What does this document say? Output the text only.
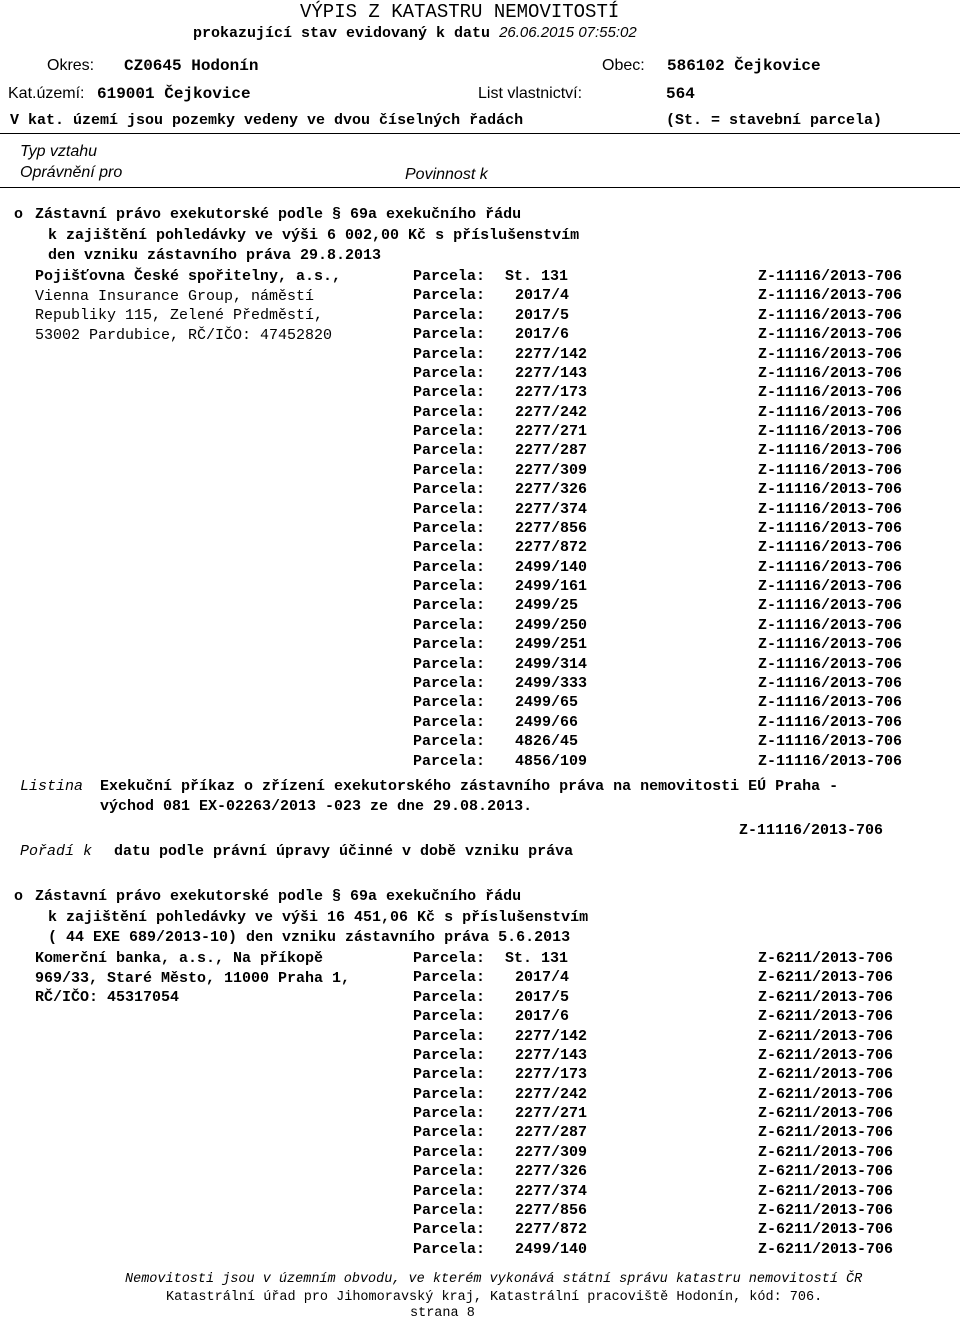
VÝPIS Z KATASTRU NEMOVITOSTÍ
prokazující stav evidovaný k datu 26.06.2015 07:55:02
Okres: CZ0645 Hodonín	Obec: 586102 Čejkovice
Kat.území: 619001 Čejkovice	List vlastnictví:	564
V kat. území jsou pozemky vedeny ve dvou číselných řadách	(St. = stavební parcela)
Typ vztahu
Oprávnění pro	Povinnost k
o Zástavní právo exekutorské podle § 69a exekučního řádu
k zajištění pohledávky ve výši 6 002,00 Kč s příslušenstvím
den vzniku zástavního práva 29.8.2013
Pojišťovna České spořitelny, a.s.,
Vienna Insurance Group, náměstí
Republiky 115, Zelené Předměstí,
53002 Pardubice, RČ/IČO: 47452820
Parcela: St. 131	Z-11116/2013-706
Parcela: 2017/4	Z-11116/2013-706
Parcela: 2017/5	Z-11116/2013-706
Parcela: 2017/6	Z-11116/2013-706
Parcela: 2277/142	Z-11116/2013-706
Parcela: 2277/143	Z-11116/2013-706
Parcela: 2277/173	Z-11116/2013-706
Parcela: 2277/242	Z-11116/2013-706
Parcela: 2277/271	Z-11116/2013-706
Parcela: 2277/287	Z-11116/2013-706
Parcela: 2277/309	Z-11116/2013-706
Parcela: 2277/326	Z-11116/2013-706
Parcela: 2277/374	Z-11116/2013-706
Parcela: 2277/856	Z-11116/2013-706
Parcela: 2277/872	Z-11116/2013-706
Parcela: 2499/140	Z-11116/2013-706
Parcela: 2499/161	Z-11116/2013-706
Parcela: 2499/25	Z-11116/2013-706
Parcela: 2499/250	Z-11116/2013-706
Parcela: 2499/251	Z-11116/2013-706
Parcela: 2499/314	Z-11116/2013-706
Parcela: 2499/333	Z-11116/2013-706
Parcela: 2499/65	Z-11116/2013-706
Parcela: 2499/66	Z-11116/2013-706
Parcela: 4826/45	Z-11116/2013-706
Parcela: 4856/109	Z-11116/2013-706
Listina Exekuční příkaz o zřízení exekutorského zástavního práva na nemovitosti EÚ Praha -
východ 081 EX-02263/2013 -023 ze dne 29.08.2013.
Z-11116/2013-706
Pořadí k datu podle právní úpravy účinné v době vzniku práva
o Zástavní právo exekutorské podle § 69a exekučního řádu
k zajištění pohledávky ve výši 16 451,06 Kč s příslušenstvím
( 44 EXE 689/2013-10) den vzniku zástavního práva 5.6.2013
Komerční banka, a.s., Na příkopě
969/33, Staré Město, 11000 Praha 1,
RČ/IČO: 45317054
Parcela: St. 131	Z-6211/2013-706
Parcela: 2017/4	Z-6211/2013-706
Parcela: 2017/5	Z-6211/2013-706
Parcela: 2017/6	Z-6211/2013-706
Parcela: 2277/142	Z-6211/2013-706
Parcela: 2277/143	Z-6211/2013-706
Parcela: 2277/173	Z-6211/2013-706
Parcela: 2277/242	Z-6211/2013-706
Parcela: 2277/271	Z-6211/2013-706
Parcela: 2277/287	Z-6211/2013-706
Parcela: 2277/309	Z-6211/2013-706
Parcela: 2277/326	Z-6211/2013-706
Parcela: 2277/374	Z-6211/2013-706
Parcela: 2277/856	Z-6211/2013-706
Parcela: 2277/872	Z-6211/2013-706
Parcela: 2499/140	Z-6211/2013-706
Nemovitosti jsou v územním obvodu, ve kterém vykonává státní správu katastru nemovitostí ČR
Katastrální úřad pro Jihomoravský kraj, Katastrální pracoviště Hodonín, kód: 706.
strana 8
